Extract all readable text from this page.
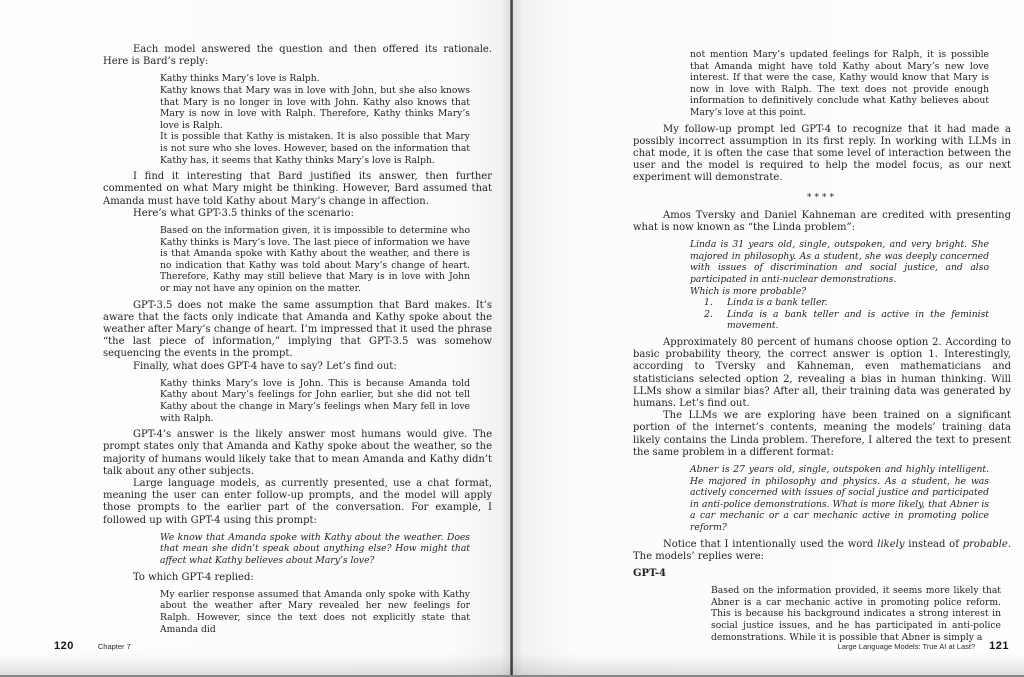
Each model answered the question and then offered its rationale. Here is Bard’s reply:

Kathy thinks Mary’s love is Ralph.

Kathy knows that Mary was in love with John, but she also knows that Mary is no longer in love with John. Kathy also knows that Mary is now in love with Ralph. Therefore, Kathy thinks Mary’s love is Ralph.

It is possible that Kathy is mistaken. It is also possible that Mary is not sure who she loves. However, based on the information that Kathy has, it seems that Kathy thinks Mary’s love is Ralph.

I find it interesting that Bard justified its answer, then further commented on what Mary might be thinking. However, Bard assumed that Amanda must have told Kathy about Mary’s change in affection.

Here’s what GPT-3.5 thinks of the scenario:

Based on the information given, it is impossible to determine who Kathy thinks is Mary’s love. The last piece of information we have is that Amanda spoke with Kathy about the weather, and there is no indication that Kathy was told about Mary’s change of heart. Therefore, Kathy may still believe that Mary is in love with John or may not have any opinion on the matter.

GPT-3.5 does not make the same assumption that Bard makes. It’s aware that the facts only indicate that Amanda and Kathy spoke about the weather after Mary’s change of heart. I’m impressed that it used the phrase “the last piece of information,” implying that GPT-3.5 was somehow sequencing the events in the prompt.

Finally, what does GPT-4 have to say? Let’s find out:

Kathy thinks Mary’s love is John. This is because Amanda told Kathy about Mary’s feelings for John earlier, but she did not tell Kathy about the change in Mary’s feelings when Mary fell in love with Ralph.

GPT-4’s answer is the likely answer most humans would give. The prompt states only that Amanda and Kathy spoke about the weather, so the majority of humans would likely take that to mean Amanda and Kathy didn’t talk about any other subjects.

Large language models, as currently presented, use a chat format, meaning the user can enter follow-up prompts, and the model will apply those prompts to the earlier part of the conversation. For example, I followed up with GPT-4 using this prompt:

We know that Amanda spoke with Kathy about the weather. Does that mean she didn’t speak about anything else? How might that affect what Kathy believes about Mary’s love?

To which GPT-4 replied:

My earlier response assumed that Amanda only spoke with Kathy about the weather after Mary revealed her new feelings for Ralph. However, since the text does not explicitly state that Amanda did

120	Chapter 7

not mention Mary’s updated feelings for Ralph, it is possible that Amanda might have told Kathy about Mary’s new love interest. If that were the case, Kathy would know that Mary is now in love with Ralph. The text does not provide enough information to definitively conclude what Kathy believes about Mary’s love at this point.

My follow-up prompt led GPT-4 to recognize that it had made a possibly incorrect assumption in its first reply. In working with LLMs in chat mode, it is often the case that some level of interaction between the user and the model is required to help the model focus, as our next experiment will demonstrate.

****

Amos Tversky and Daniel Kahneman are credited with presenting what is now known as “the Linda problem”:

Linda is 31 years old, single, outspoken, and very bright. She majored in philosophy. As a student, she was deeply concerned with issues of discrimination and social justice, and also participated in anti-nuclear demonstrations.

Which is more probable?

1. Linda is a bank teller.

2. Linda is a bank teller and is active in the feminist movement.

Approximately 80 percent of humans choose option 2. According to basic probability theory, the correct answer is option 1. Interestingly, according to Tversky and Kahneman, even mathematicians and statisticians selected option 2, revealing a bias in human thinking. Will LLMs show a similar bias? After all, their training data was generated by humans. Let’s find out.

The LLMs we are exploring have been trained on a significant portion of the internet’s contents, meaning the models’ training data likely contains the Linda problem. Therefore, I altered the text to present the same problem in a different format:

Abner is 27 years old, single, outspoken and highly intelligent. He majored in philosophy and physics. As a student, he was actively concerned with issues of social justice and participated in anti-police demonstrations. What is more likely, that Abner is a car mechanic or a car mechanic active in promoting police reform?

Notice that I intentionally used the word likely instead of probable. The models’ replies were:

GPT-4

Based on the information provided, it seems more likely that Abner is a car mechanic active in promoting police reform. This is because his background indicates a strong interest in social justice issues, and he has participated in anti-police demonstrations. While it is possible that Abner is simply a

Large Language Models: True AI at Last? 121
